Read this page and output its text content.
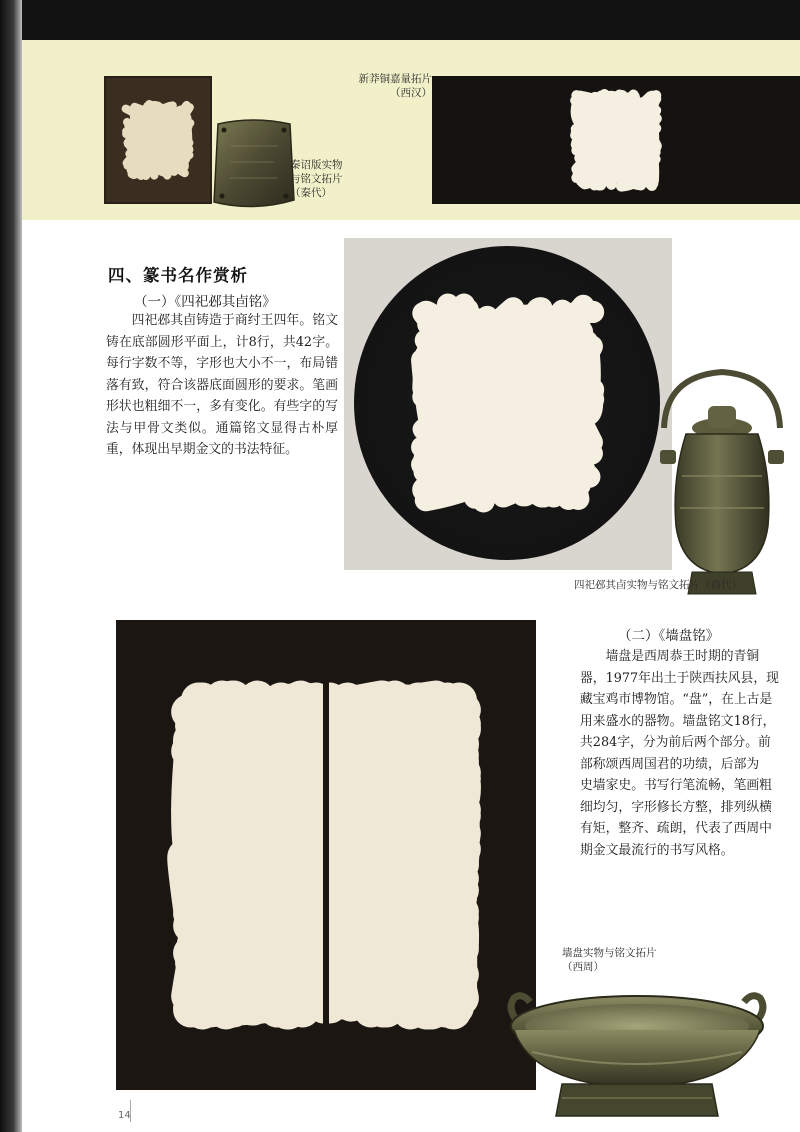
秦诏版实物
与铭文拓片
（秦代）
新莽铜嘉量拓片
（西汉）
四、篆书名作赏析
（一）《四祀邲其卣铭》
四祀邲其卣铸造于商纣王四年。铭文铸在底部圆形平面上，计8行，共42字。每行字数不等，字形也大小不一，布局错落有致，符合该器底面圆形的要求。笔画形状也粗细不一，多有变化。有些字的写法与甲骨文类似。通篇铭文显得古朴厚重，体现出早期金文的书法特征。
四祀邲其卣实物与铭文拓片（商代）
（二）《墙盘铭》
墙盘是西周恭王时期的青铜
器，1977年出土于陕西扶风县，现
藏宝鸡市博物馆。“盘”，在上古是
用来盛水的器物。墙盘铭文18行，
共284字，分为前后两个部分。前
部称颂西周国君的功绩，后部为
史墙家史。书写行笔流畅，笔画粗
细均匀，字形修长方整，排列纵横
有矩，整齐、疏朗，代表了西周中
期金文最流行的书写风格。
墙盘实物与铭文拓片
（西周）
14
